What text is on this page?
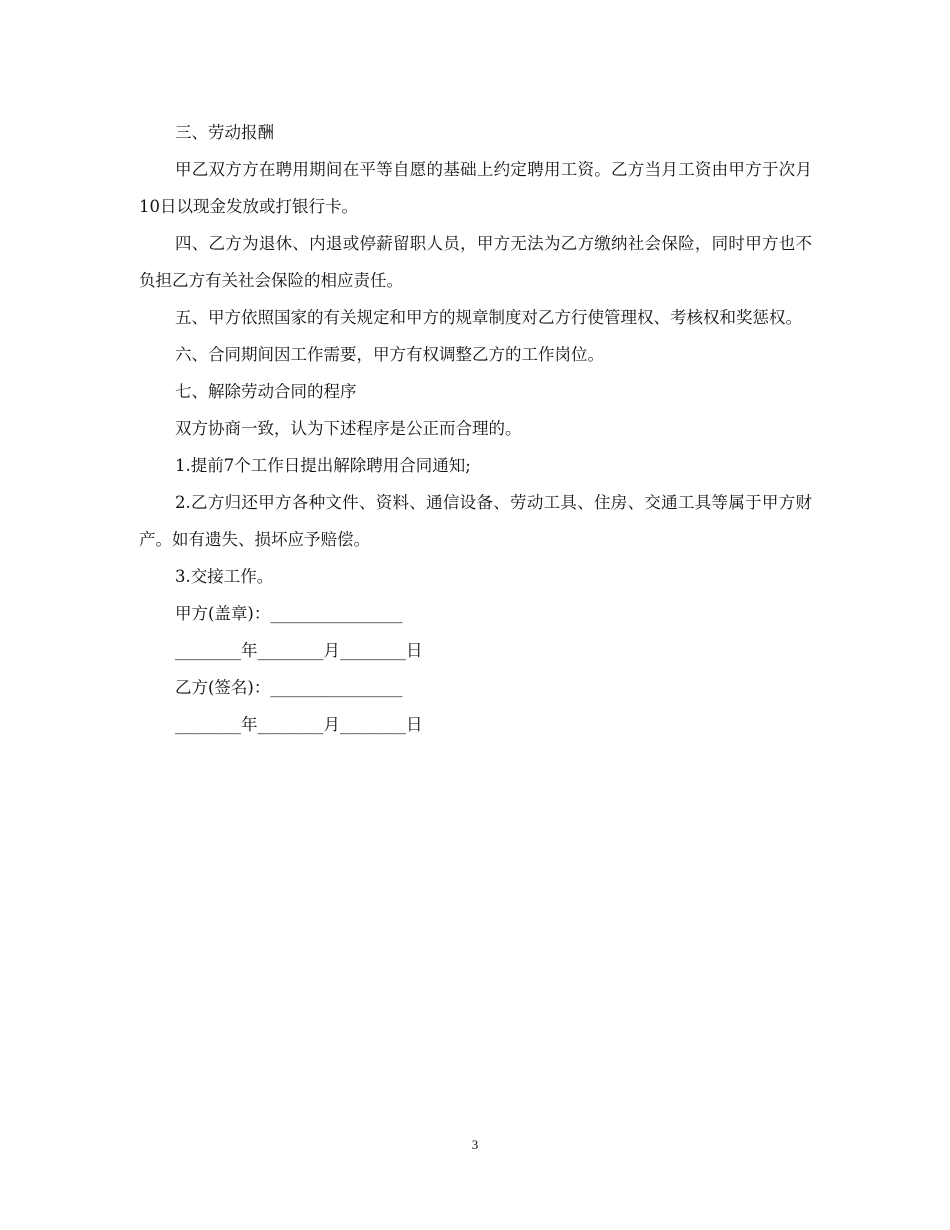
三、劳动报酬

甲乙双方方在聘用期间在平等自愿的基础上约定聘用工资。乙方当月工资由甲方于次月10日以现金发放或打银行卡。

四、乙方为退休、内退或停薪留职人员，甲方无法为乙方缴纳社会保险，同时甲方也不负担乙方有关社会保险的相应责任。

五、甲方依照国家的有关规定和甲方的规章制度对乙方行使管理权、考核权和奖惩权。

六、合同期间因工作需要，甲方有权调整乙方的工作岗位。

七、解除劳动合同的程序

双方协商一致，认为下述程序是公正而合理的。

1.提前7个工作日提出解除聘用合同通知;

2.乙方归还甲方各种文件、资料、通信设备、劳动工具、住房、交通工具等属于甲方财产。如有遗失、损坏应予赔偿。

3.交接工作。

甲方(盖章)：________________

________年________月________日

乙方(签名)：________________

________年________月________日

3
